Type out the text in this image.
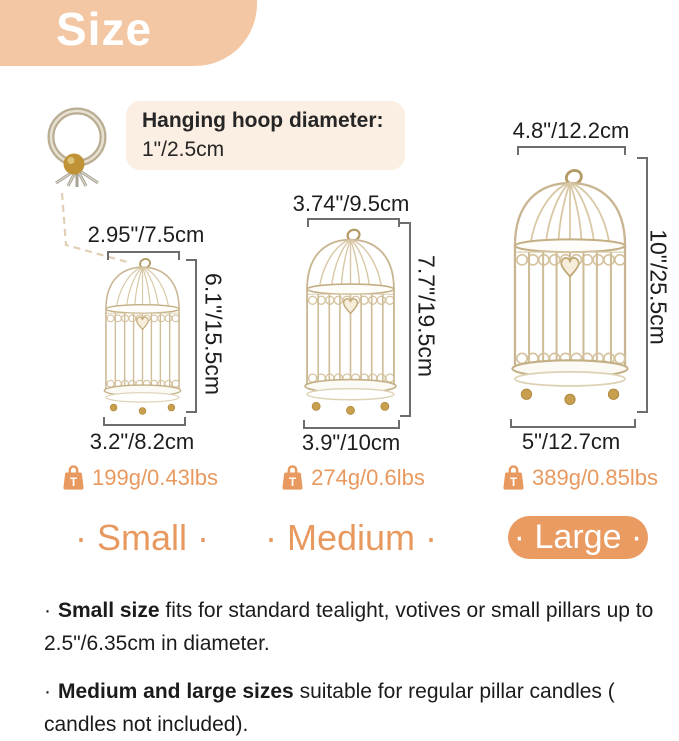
Size
Hanging hoop diameter:
1"/2.5cm
2.95"/7.5cm
6.1"/15.5cm
3.2"/8.2cm
3.74"/9.5cm
7.7"/19.5cm
3.9"/10cm
4.8"/12.2cm
10"/25.5cm
5"/12.7cm
T 199g/0.43lbs	T 274g/0.6lbs	T 389g/0.85lbs
· Small ·	· Medium ·	· Large ·

· Small size fits for standard tealight, votives or small pillars up to 2.5"/6.35cm in diameter.

· Medium and large sizes suitable for regular pillar candles ( candles not included).
